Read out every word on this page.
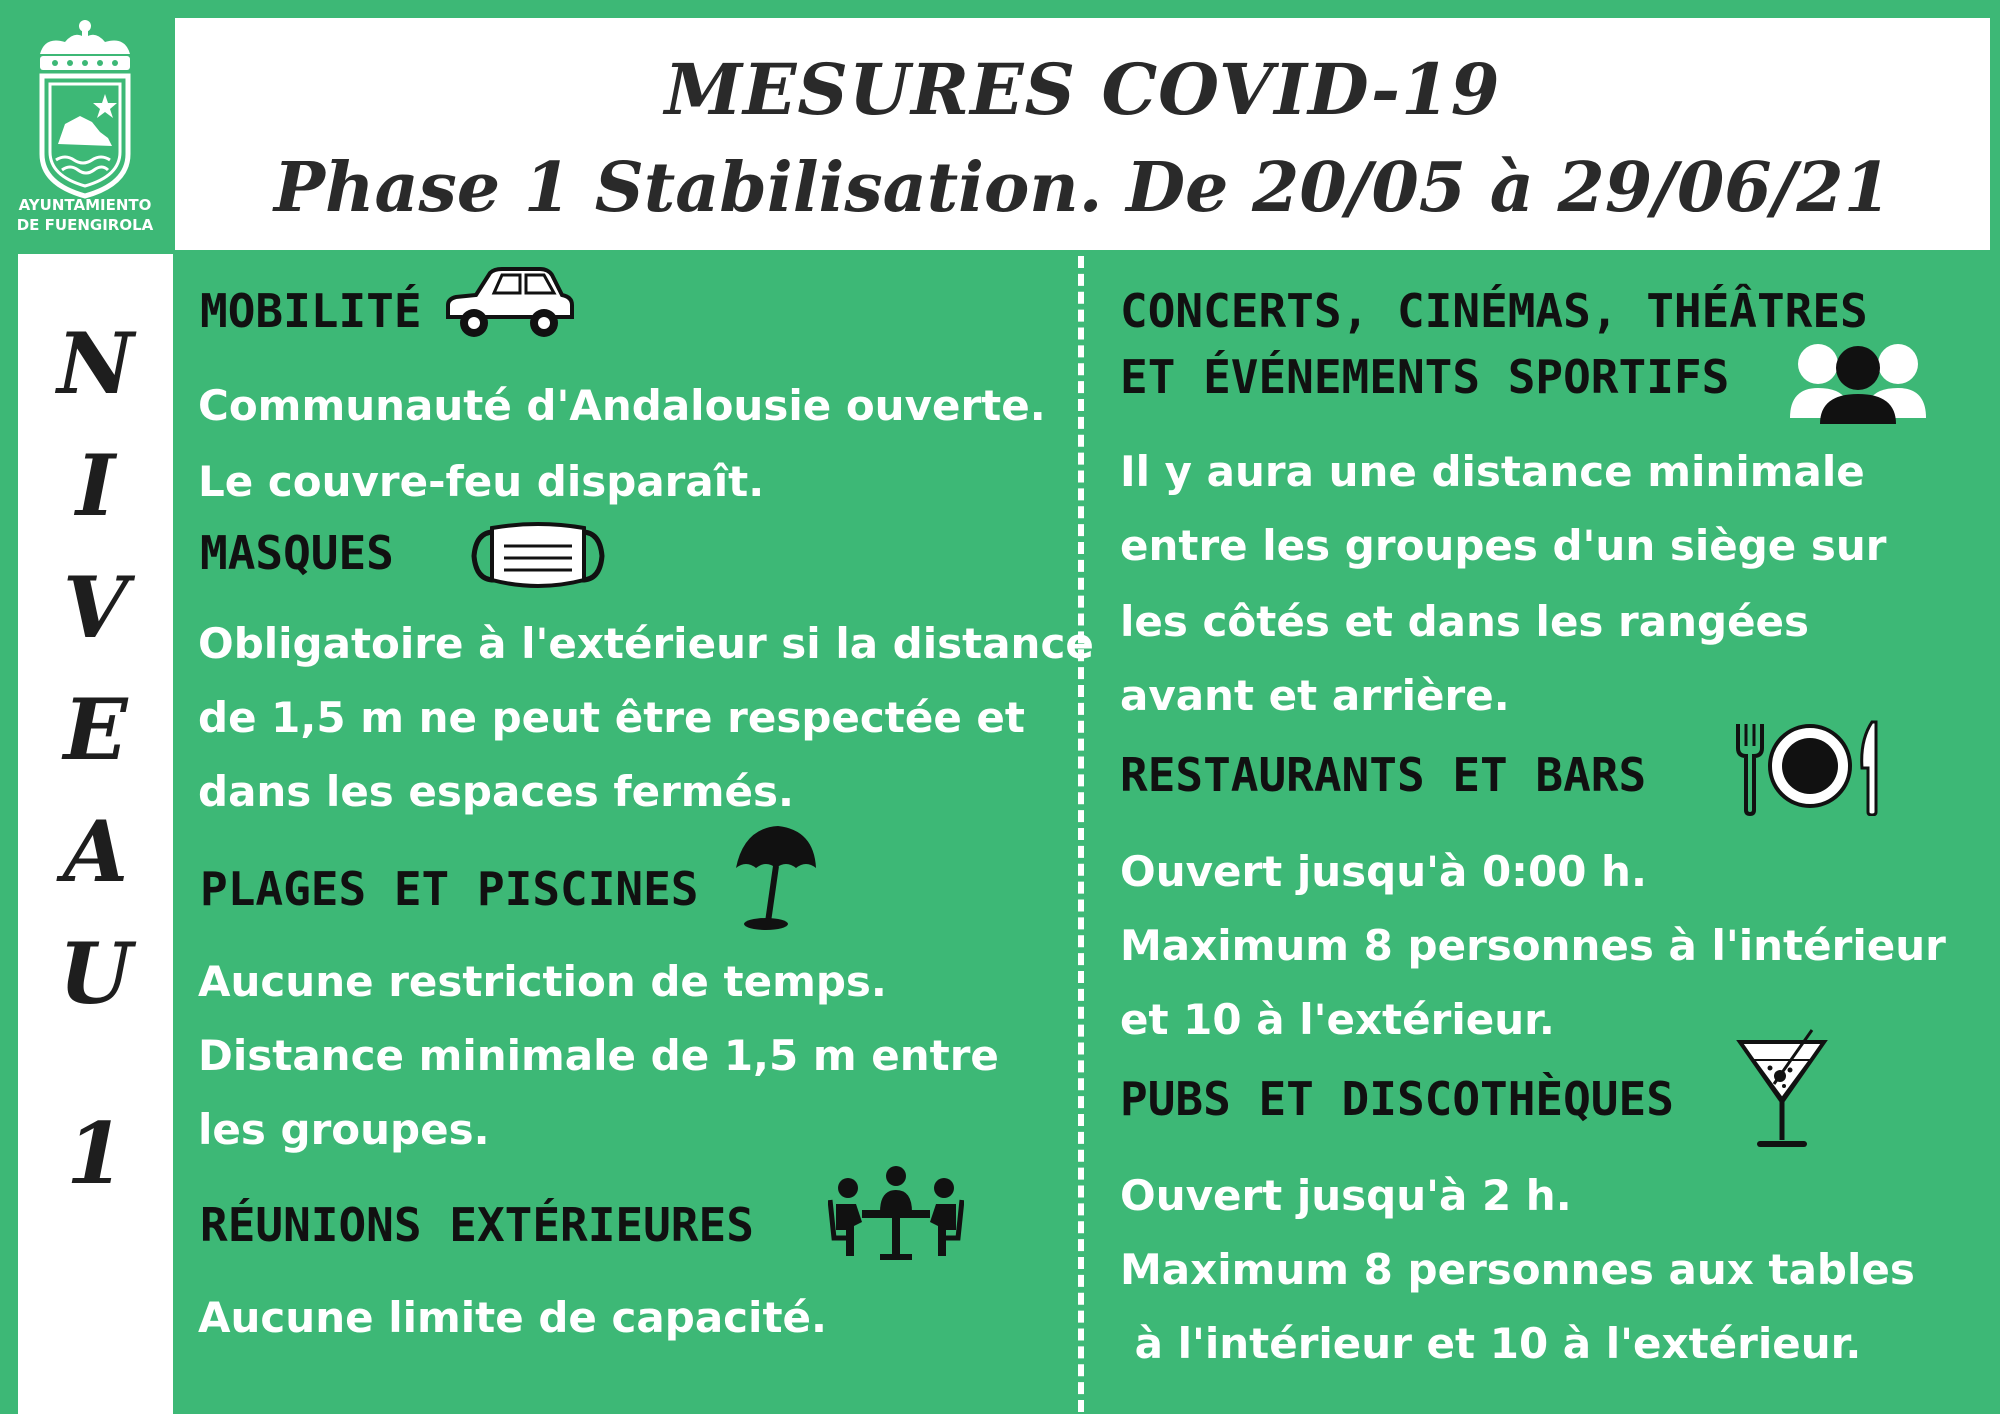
AYUNTAMIENTO
DE FUENGIROLA
MESURES COVID-19
Phase 1 Stabilisation. De 20/05 à 29/06/21
N
I
V
E
A
U
1
MOBILITÉ
Communauté d'Andalousie ouverte.
Le couvre-feu disparaît.
MASQUES
Obligatoire à l'extérieur si la distance
de 1,5 m ne peut être respectée et
dans les espaces fermés.
PLAGES ET PISCINES
Aucune restriction de temps.
Distance minimale de 1,5 m entre
les groupes.
RÉUNIONS EXTÉRIEURES
Aucune limite de capacité.
CONCERTS, CINÉMAS, THÉÂTRES
ET ÉVÉNEMENTS SPORTIFS
Il y aura une distance minimale
entre les groupes d'un siège sur
les côtés et dans les rangées
avant et arrière.
RESTAURANTS ET BARS
Ouvert jusqu'à 0:00 h.
Maximum 8 personnes à l'intérieur
et 10 à l'extérieur.
PUBS ET DISCOTHÈQUES
Ouvert jusqu'à 2 h.
Maximum 8 personnes aux tables
à l'intérieur et 10 à l'extérieur.
